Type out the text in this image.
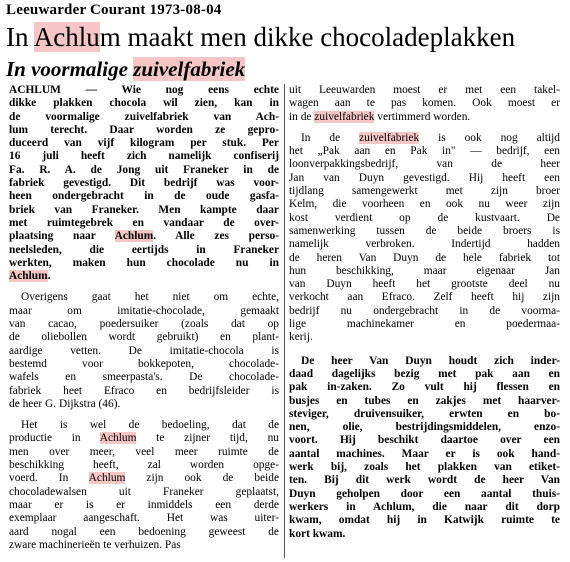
Leeuwarder Courant 1973-08-04
In Achlum maakt men dikke chocoladeplakken
In voormalige zuivelfabriek
ACHLUM — Wie nog eens echte
dikke plakken chocola wil zien, kan in
de voormalige zuivelfabriek van Ach-
lum terecht. Daar worden ze gepro-
duceerd van vijf kilogram per stuk. Per
16 juli heeft zich namelijk confiserij
Fa. R. A. de Jong uit Franeker in de
fabriek gevestigd. Dit bedrijf was voor-
heen ondergebracht in de oude gasfa-
briek van Franeker. Men kampte daar
met ruimtegebrek en vandaar de over-
plaatsing naar Achlum. Alle zes perso-
neelsleden, die eertijds in Franeker
werkten, maken hun chocolade nu in
Achlum.
Overigens gaat het niet om echte,
maar om imitatie-chocolade, gemaakt
van cacao, poedersuiker (zoals dat op
de oliebollen wordt gebruikt) en plant-
aardige vetten. De imitatie-chocola is
bestemd voor bokkepoten, chocolade-
wafels en smeerpasta's. De chocolade-
fabriek heet Efraco en bedrijfsleider is
de heer G. Dijkstra (46).
Het is wel de bedoeling, dat de
productie in Achlum te zijner tijd, nu
men over meer, veel meer ruimte de
beschikking heeft, zal worden opge-
voerd. In Achlum zijn ook de beide
chocoladewalsen uit Franeker geplaatst,
maar er is er inmiddels een derde
exemplaar aangeschaft. Het was uiter-
aard nogal een bedoening geweest de
zware machinerieën te verhuizen. Pas
uit Leeuwarden moest er met een takel-
wagen aan te pas komen. Ook moest er
in de zuivelfabriek vertimmerd worden.
In de zuivelfabriek is ook nog altijd
het „Pak aan en Pak in" — bedrijf, een
loonverpakkingsbedrijf, van de heer
Jan van Duyn gevestigd. Hij heeft een
tijdlang samengewerkt met zijn broer
Kelm, die voorheen en ook nu weer zijn
kost verdient op de kustvaart. De
samenwerking tussen de beide broers is
namelijk verbroken. Indertijd hadden
de heren Van Duyn de hele fabriek tot
hun beschikking, maar eigenaar Jan
van Duyn heeft het grootste deel nu
verkocht aan Efraco. Zelf heeft hij zijn
bedrijf nu ondergebracht in de voorma-
lige machinekamer en poedermaa-
kerij.
De heer Van Duyn houdt zich inder-
daad dagelijks bezig met pak aan en
pak in-zaken. Zo vult hij flessen en
busjes en tubes en zakjes met haarver-
steviger, druivensuiker, erwten en bo-
nen, olie, bestrijdingsmiddelen, enzo-
voort. Hij beschikt daartoe over een
aantal machines. Maar er is ook hand-
werk bij, zoals het plakken van etiket-
ten. Bij dit werk wordt de heer Van
Duyn geholpen door een aantal thuis-
werkers in Achlum, die naar dit dorp
kwam, omdat hij in Katwijk ruimte te
kort kwam.
